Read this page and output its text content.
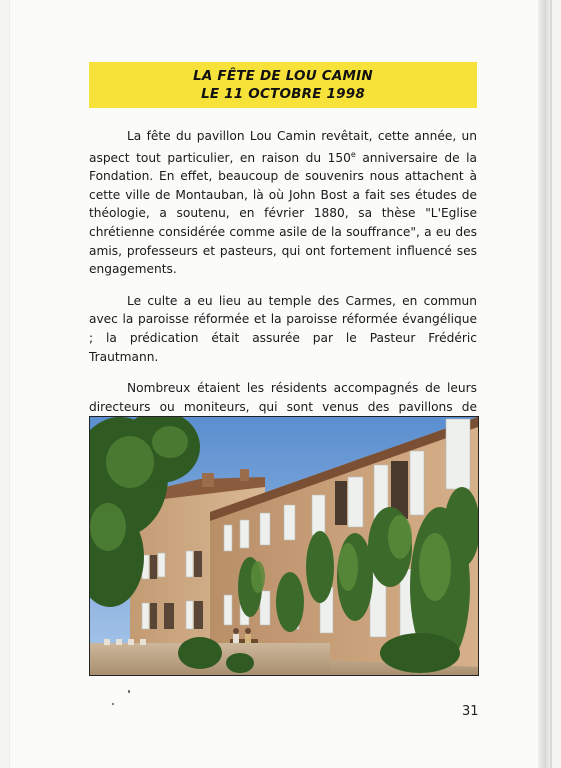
LA FÊTE DE LOU CAMIN
LE 11 OCTOBRE 1998

La fête du pavillon Lou Camin revêtait, cette année, un aspect tout particulier, en raison du 150e anniversaire de la Fondation. En effet, beaucoup de souvenirs nous attachent à cette ville de Montauban, là où John Bost a fait ses études de théologie, a soutenu, en février 1880, sa thèse "L'Eglise chrétienne considérée comme asile de la souffrance", a eu des amis, professeurs et pasteurs, qui ont fortement influencé ses engagements.

Le culte a eu lieu au temple des Carmes, en commun avec la paroisse réformée et la paroisse réformée évangélique ; la prédication était assurée par le Pasteur Frédéric Trautmann.

Nombreux étaient les résidents accompagnés de leurs directeurs ou moniteurs, qui sont venus des pavillons de

31
